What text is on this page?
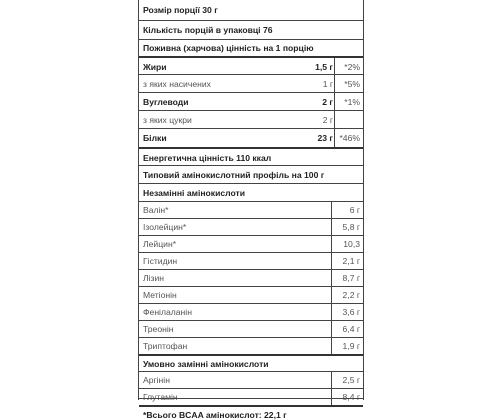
Розмір порції 30 г
Кількість порцій в упаковці 76
Поживна (харчова) цінність на 1 порцію
Жири	1,5 г *2%
з яких насичених	1 г *5%
Вуглеводи	2 г *1%
з яких цукри	2 г
Білки	23 г *46%
Енергетична цінність 110 ккал
Типовий амінокислотний профіль на 100 г
Незамінні амінокислоти
Валін*	6 г
Ізолейцин*	5,8 г
Лейцин*	10,3
Гістидин	2,1 г
Лізин	8,7 г
Метіонін	2,2 г
Фенілаланін	3,6 г
Треонін	6,4 г
Триптофан	1,9 г
Умовно замінні амінокислоти
Аргінін	2,5 г
Глутамін	8,4 г
*Всього BCAA амінокислот: 22,1 г
